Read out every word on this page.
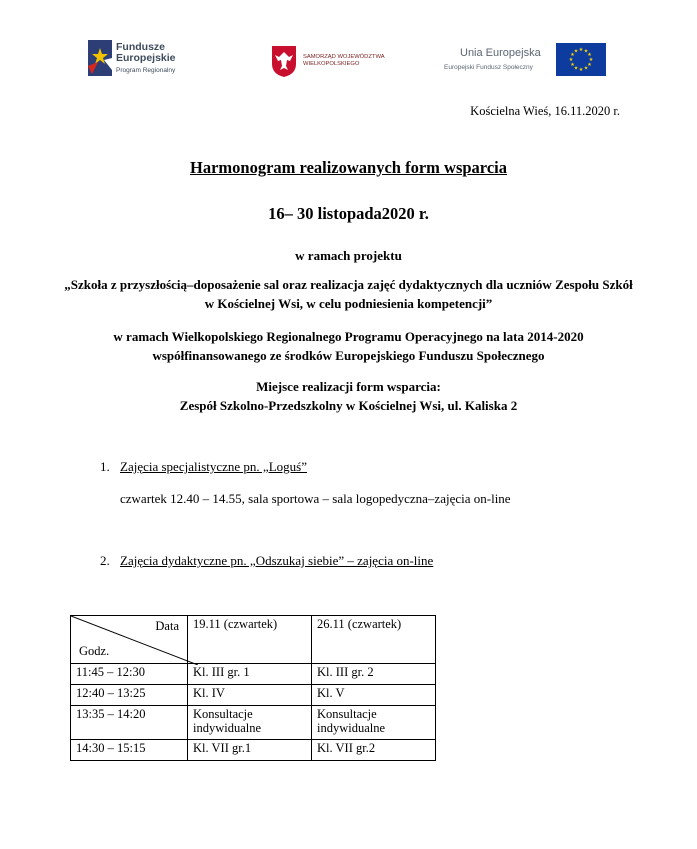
Fundusze
Europejskie
Program Regionalny
SAMORZĄD WOJEWÓDZTWA
WIELKOPOLSKIEGO
Unia Europejska
Europejski Fundusz Społeczny
★ ★
★
★
★
★
★
★
★
★
★
★
Kościelna Wieś, 16.11.2020 r.
Harmonogram realizowanych form wsparcia
16– 30 listopada2020 r.
w ramach projektu
„Szkoła z przyszłością–doposażenie sal oraz realizacja zajęć dydaktycznych dla uczniów Zespołu Szkół w Kościelnej Wsi, w celu podniesienia kompetencji”
w ramach Wielkopolskiego Regionalnego Programu Operacyjnego na lata 2014-2020 współfinansowanego ze środków Europejskiego Funduszu Społecznego
Miejsce realizacji form wsparcia:
Zespół Szkolno-Przedszkolny w Kościelnej Wsi, ul. Kaliska 2
1. Zajęcia specjalistyczne pn. „Loguś”
czwartek 12.40 – 14.55, sala sportowa – sala logopedyczna–zajęcia on-line
2. Zajęcia dydaktyczne pn. „Odszukaj siebie” – zajęcia on-line
Data
Godz.	19.11 (czwartek)	26.11 (czwartek)
11:45 – 12:30	Kl. III gr. 1	Kl. III gr. 2
12:40 – 13:25	Kl. IV	Kl. V
13:35 – 14:20	Konsultacje indywidualne	Konsultacje indywidualne
14:30 – 15:15	Kl. VII gr.1	Kl. VII gr.2
